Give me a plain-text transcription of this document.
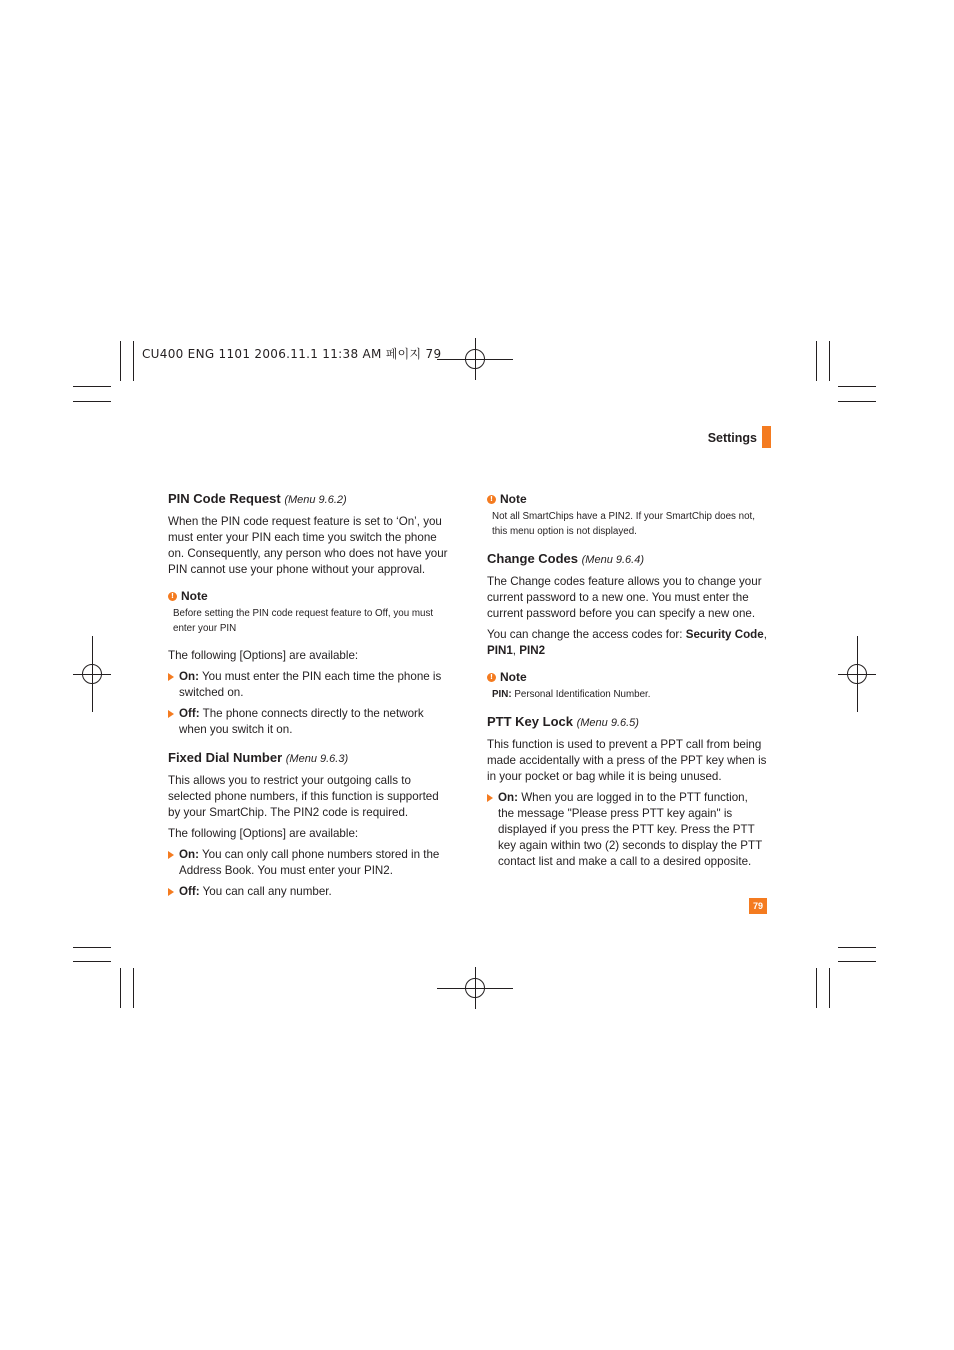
CU400 ENG 1101 2006.11.1 11:38 AM 페이지 79
Settings
PIN Code Request (Menu 9.6.2)

When the PIN code request feature is set to ‘On’, you must enter your PIN each time you switch the phone on. Consequently, any person who does not have your PIN cannot use your phone without your approval.

! Note
Before setting the PIN code request feature to Off, you must enter your PIN

The following [Options] are available:

On: You must enter the PIN each time the phone is switched on.
Off: The phone connects directly to the network when you switch it on.
Fixed Dial Number (Menu 9.6.3)

This allows you to restrict your outgoing calls to selected phone numbers, if this function is supported by your SmartChip. The PIN2 code is required.

The following [Options] are available:

On: You can only call phone numbers stored in the Address Book. You must enter your PIN2.
Off: You can call any number.
! Note
Not all SmartChips have a PIN2. If your SmartChip does not, this menu option is not displayed.
Change Codes (Menu 9.6.4)

The Change codes feature allows you to change your current password to a new one. You must enter the current password before you can specify a new one.

You can change the access codes for: Security Code, PIN1, PIN2

! Note
PIN: Personal Identification Number.
PTT Key Lock (Menu 9.6.5)

This function is used to prevent a PPT call from being made accidentally with a press of the PPT key when is in your pocket or bag while it is being unused.

On: When you are logged in to the PTT function, the message "Please press PTT key again" is displayed if you press the PTT key. Press the PTT key again within two (2) seconds to display the PTT contact list and make a call to a desired opposite.
79
